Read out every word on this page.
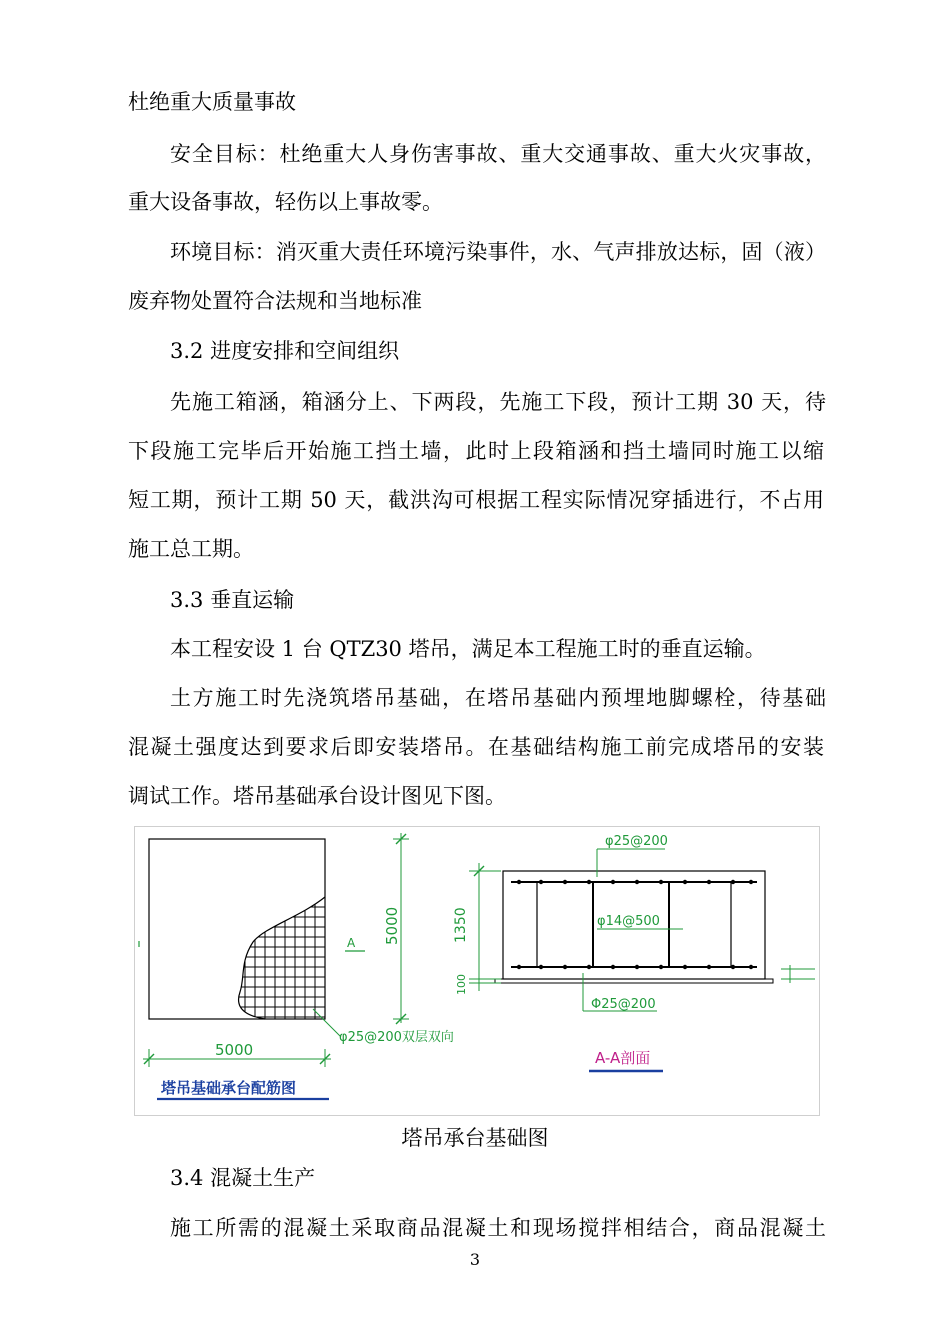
杜绝重大质量事故
安全目标：杜绝重大人身伤害事故、重大交通事故、重大火灾事故，
重大设备事故，轻伤以上事故零。
环境目标：消灭重大责任环境污染事件，水、气声排放达标，固（液）
废弃物处置符合法规和当地标准
3.2 进度安排和空间组织
先施工箱涵，箱涵分上、下两段，先施工下段，预计工期 30 天，待
下段施工完毕后开始施工挡土墙，此时上段箱涵和挡土墙同时施工以缩
短工期，预计工期 50 天，截洪沟可根据工程实际情况穿插进行，不占用
施工总工期。
3.3 垂直运输
本工程安设 1 台 QTZ30 塔吊，满足本工程施工时的垂直运输。
土方施工时先浇筑塔吊基础，在塔吊基础内预埋地脚螺栓，待基础
混凝土强度达到要求后即安装塔吊。在基础结构施工前完成塔吊的安装
调试工作。塔吊基础承台设计图见下图。
A 5000
5000
φ25@200双层双向
塔吊基础承台配筋图
φ25@200
φ14@500
Φ25@200
1350
100
A-A剖面
塔吊承台基础图
3.4 混凝土生产
施工所需的混凝土采取商品混凝土和现场搅拌相结合，商品混凝土
3
